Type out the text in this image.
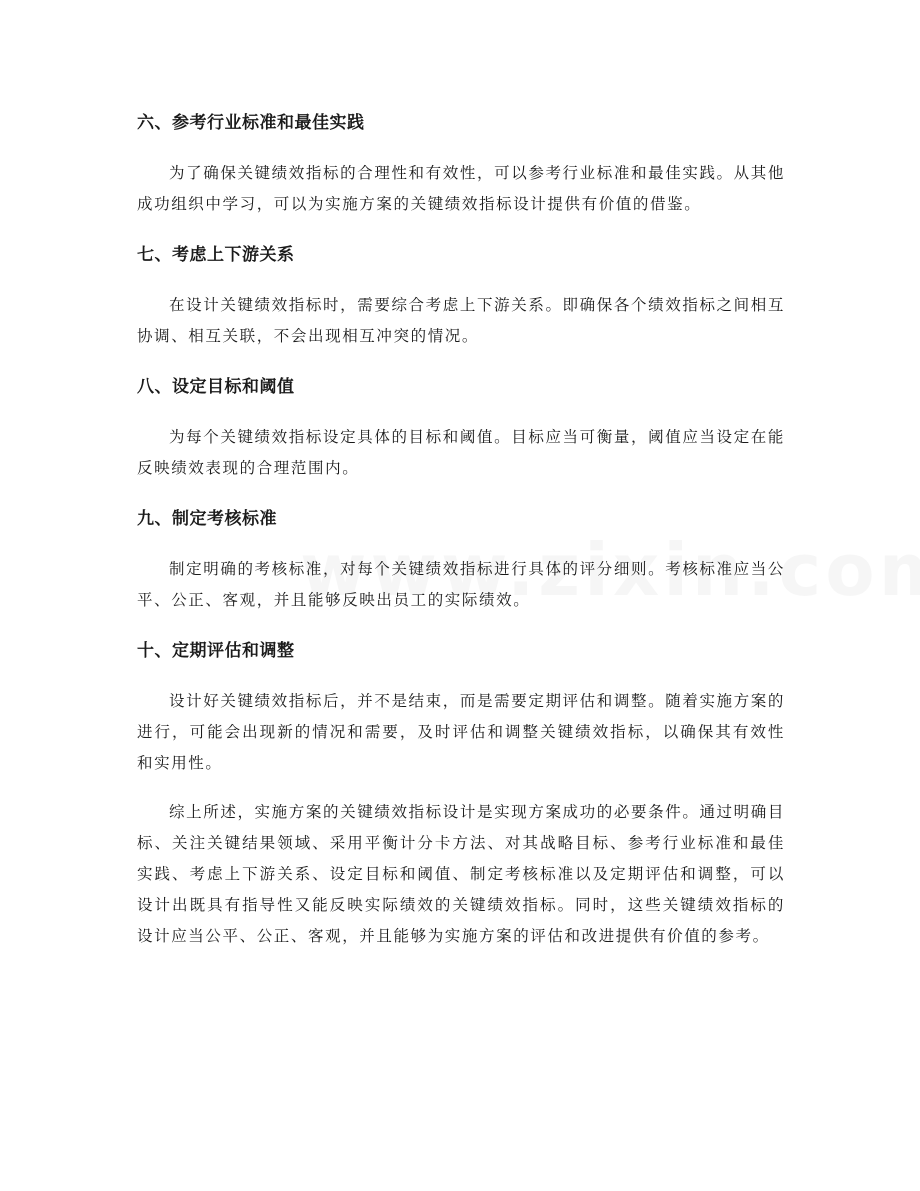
六、参考行业标准和最佳实践

为了确保关键绩效指标的合理性和有效性，可以参考行业标准和最佳实践。从其他成功组织中学习，可以为实施方案的关键绩效指标设计提供有价值的借鉴。

七、考虑上下游关系

在设计关键绩效指标时，需要综合考虑上下游关系。即确保各个绩效指标之间相互协调、相互关联，不会出现相互冲突的情况。

八、设定目标和阈值

为每个关键绩效指标设定具体的目标和阈值。目标应当可衡量，阈值应当设定在能反映绩效表现的合理范围内。

九、制定考核标准

制定明确的考核标准，对每个关键绩效指标进行具体的评分细则。考核标准应当公平、公正、客观，并且能够反映出员工的实际绩效。

十、定期评估和调整

设计好关键绩效指标后，并不是结束，而是需要定期评估和调整。随着实施方案的进行，可能会出现新的情况和需要，及时评估和调整关键绩效指标，以确保其有效性和实用性。

综上所述，实施方案的关键绩效指标设计是实现方案成功的必要条件。通过明确目标、关注关键结果领域、采用平衡计分卡方法、对其战略目标、参考行业标准和最佳实践、考虑上下游关系、设定目标和阈值、制定考核标准以及定期评估和调整，可以设计出既具有指导性又能反映实际绩效的关键绩效指标。同时，这些关键绩效指标的设计应当公平、公正、客观，并且能够为实施方案的评估和改进提供有价值的参考。
